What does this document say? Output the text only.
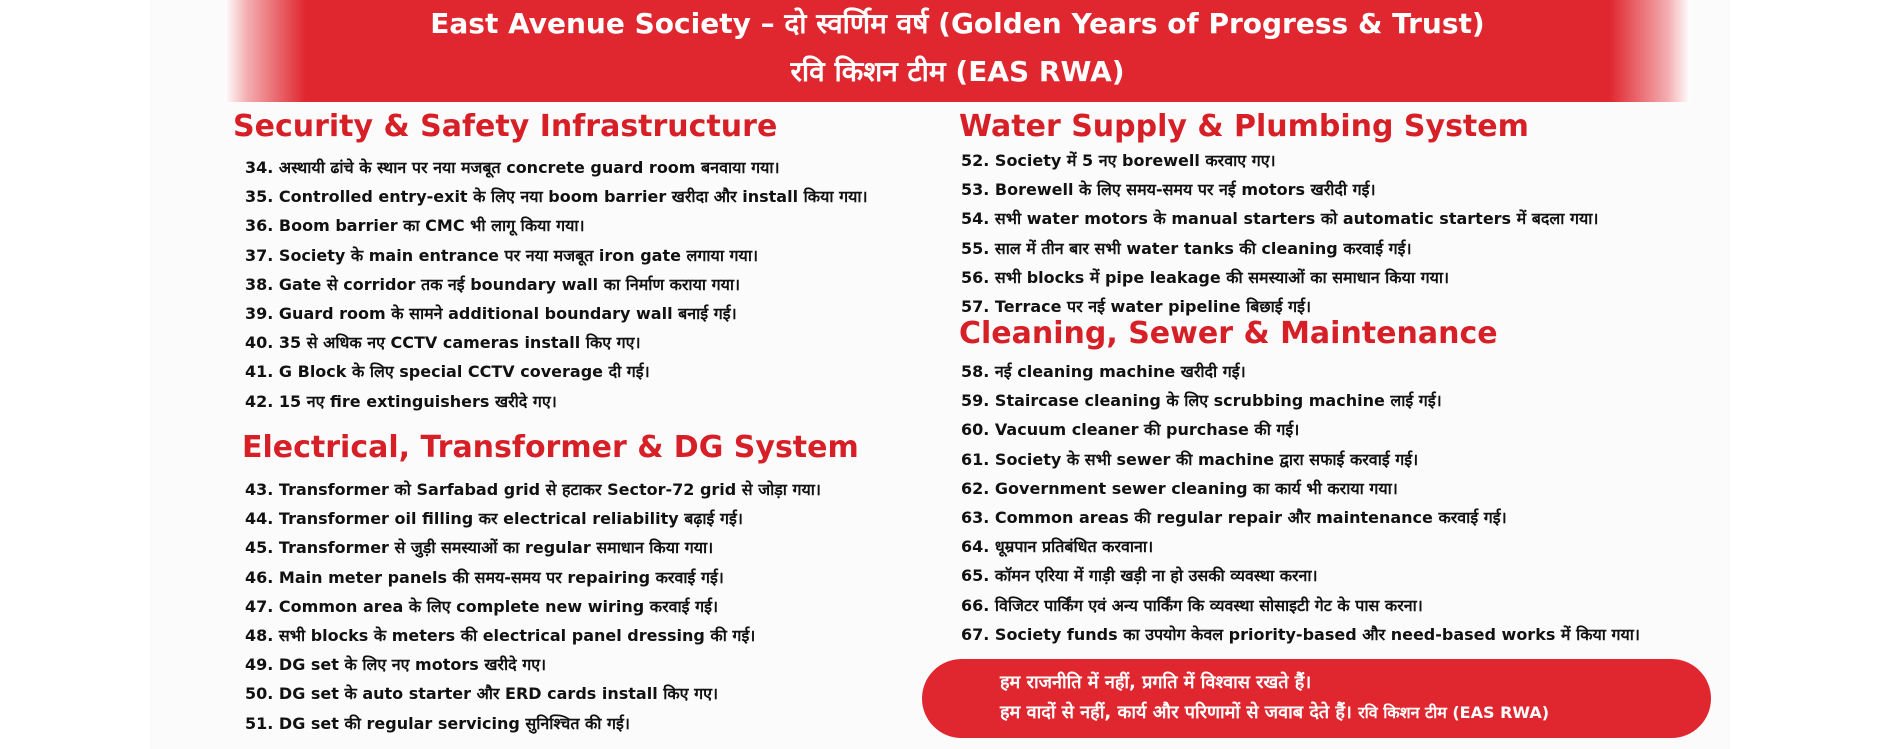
East Avenue Society – दो स्वर्णिम वर्ष (Golden Years of Progress & Trust)
रवि किशन टीम (EAS RWA)
Security & Safety Infrastructure
34. अस्थायी ढांचे के स्थान पर नया मजबूत concrete guard room बनवाया गया।
35. Controlled entry-exit के लिए नया boom barrier खरीदा और install किया गया।
36. Boom barrier का CMC भी लागू किया गया।
37. Society के main entrance पर नया मजबूत iron gate लगाया गया।
38. Gate से corridor तक नई boundary wall का निर्माण कराया गया।
39. Guard room के सामने additional boundary wall बनाई गई।
40. 35 से अधिक नए CCTV cameras install किए गए।
41. G Block के लिए special CCTV coverage दी गई।
42. 15 नए fire extinguishers खरीदे गए।
Electrical, Transformer & DG System
43. Transformer को Sarfabad grid से हटाकर Sector-72 grid से जोड़ा गया।
44. Transformer oil filling कर electrical reliability बढ़ाई गई।
45. Transformer से जुड़ी समस्याओं का regular समाधान किया गया।
46. Main meter panels की समय-समय पर repairing करवाई गई।
47. Common area के लिए complete new wiring करवाई गई।
48. सभी blocks के meters की electrical panel dressing की गई।
49. DG set के लिए नए motors खरीदे गए।
50. DG set के auto starter और ERD cards install किए गए।
51. DG set की regular servicing सुनिश्चित की गई।
Water Supply & Plumbing System
52. Society में 5 नए borewell करवाए गए।
53. Borewell के लिए समय-समय पर नई motors खरीदी गई।
54. सभी water motors के manual starters को automatic starters में बदला गया।
55. साल में तीन बार सभी water tanks की cleaning करवाई गई।
56. सभी blocks में pipe leakage की समस्याओं का समाधान किया गया।
57. Terrace पर नई water pipeline बिछाई गई।
Cleaning, Sewer & Maintenance
58. नई cleaning machine खरीदी गई।
59. Staircase cleaning के लिए scrubbing machine लाई गई।
60. Vacuum cleaner की purchase की गई।
61. Society के सभी sewer की machine द्वारा सफाई करवाई गई।
62. Government sewer cleaning का कार्य भी कराया गया।
63. Common areas की regular repair और maintenance करवाई गई।
64. धूम्रपान प्रतिबंधित करवाना।
65. कॉमन एरिया में गाड़ी खड़ी ना हो उसकी व्यवस्था करना।
66. विजिटर पार्किंग एवं अन्य पार्किंग कि व्यवस्था सोसाइटी गेट के पास करना।
67. Society funds का उपयोग केवल priority-based और need-based works में किया गया।
हम राजनीति में नहीं, प्रगति में विश्वास रखते हैं।
हम वादों से नहीं, कार्य और परिणामों से जवाब देते हैं। रवि किशन टीम (EAS RWA)
